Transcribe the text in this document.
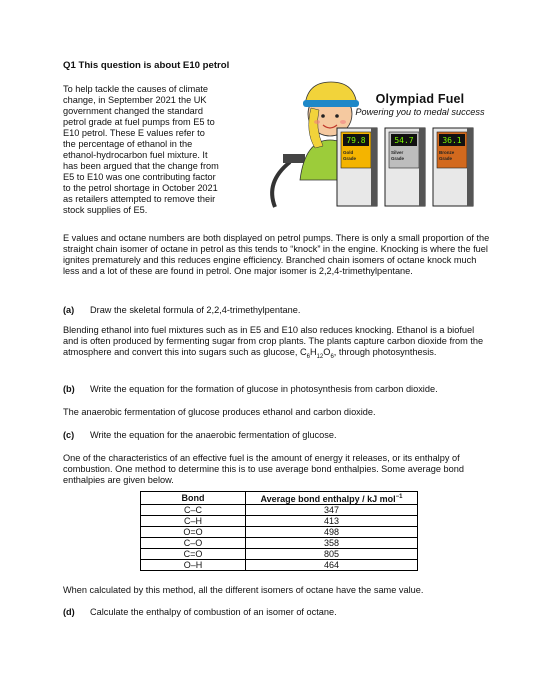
Q1 This question is about E10 petrol
To help tackle the causes of climate
change, in September 2021 the UK
government changed the standard
petrol grade at fuel pumps from E5 to
E10 petrol. These E values refer to
the percentage of ethanol in the
ethanol-hydrocarbon fuel mixture. It
has been argued that the change from
E5 to E10 was one contributing factor
to the petrol shortage in October 2021
as retailers attempted to remove their
stock supplies of E5.
79.8
Gold Grade
54.7
Silver Grade
36.1
Bronze Grade
Olympiad Fuel
Powering you to medal success
E values and octane numbers are both displayed on petrol pumps. There is only a small proportion of the straight chain isomer of octane in petrol as this tends to “knock” in the engine. Knocking is where the fuel ignites prematurely and this reduces engine efficiency. Branched chain isomers of octane knock much less and a lot of these are found in petrol. One major isomer is 2,2,4-trimethylpentane.
(a) Draw the skeletal formula of 2,2,4-trimethylpentane.
Blending ethanol into fuel mixtures such as in E5 and E10 also reduces knocking. Ethanol is a biofuel and is often produced by fermenting sugar from crop plants. The plants capture carbon dioxide from the atmosphere and convert this into sugars such as glucose, $C_6H_{12}O_6$, through photosynthesis.
(b) Write the equation for the formation of glucose in photosynthesis from carbon dioxide.
The anaerobic fermentation of glucose produces ethanol and carbon dioxide.
(c) Write the equation for the anaerobic fermentation of glucose.
One of the characteristics of an effective fuel is the amount of energy it releases, or its enthalpy of combustion. One method to determine this is to use average bond enthalpies. Some average bond enthalpies are given below.
Bond	Average bond enthalpy / kJ mol$^{-1}$
C–C	347
C–H	413
O=O	498
C–O	358
C=O	805
O–H	464
When calculated by this method, all the different isomers of octane have the same value.
(d) Calculate the enthalpy of combustion of an isomer of octane.
